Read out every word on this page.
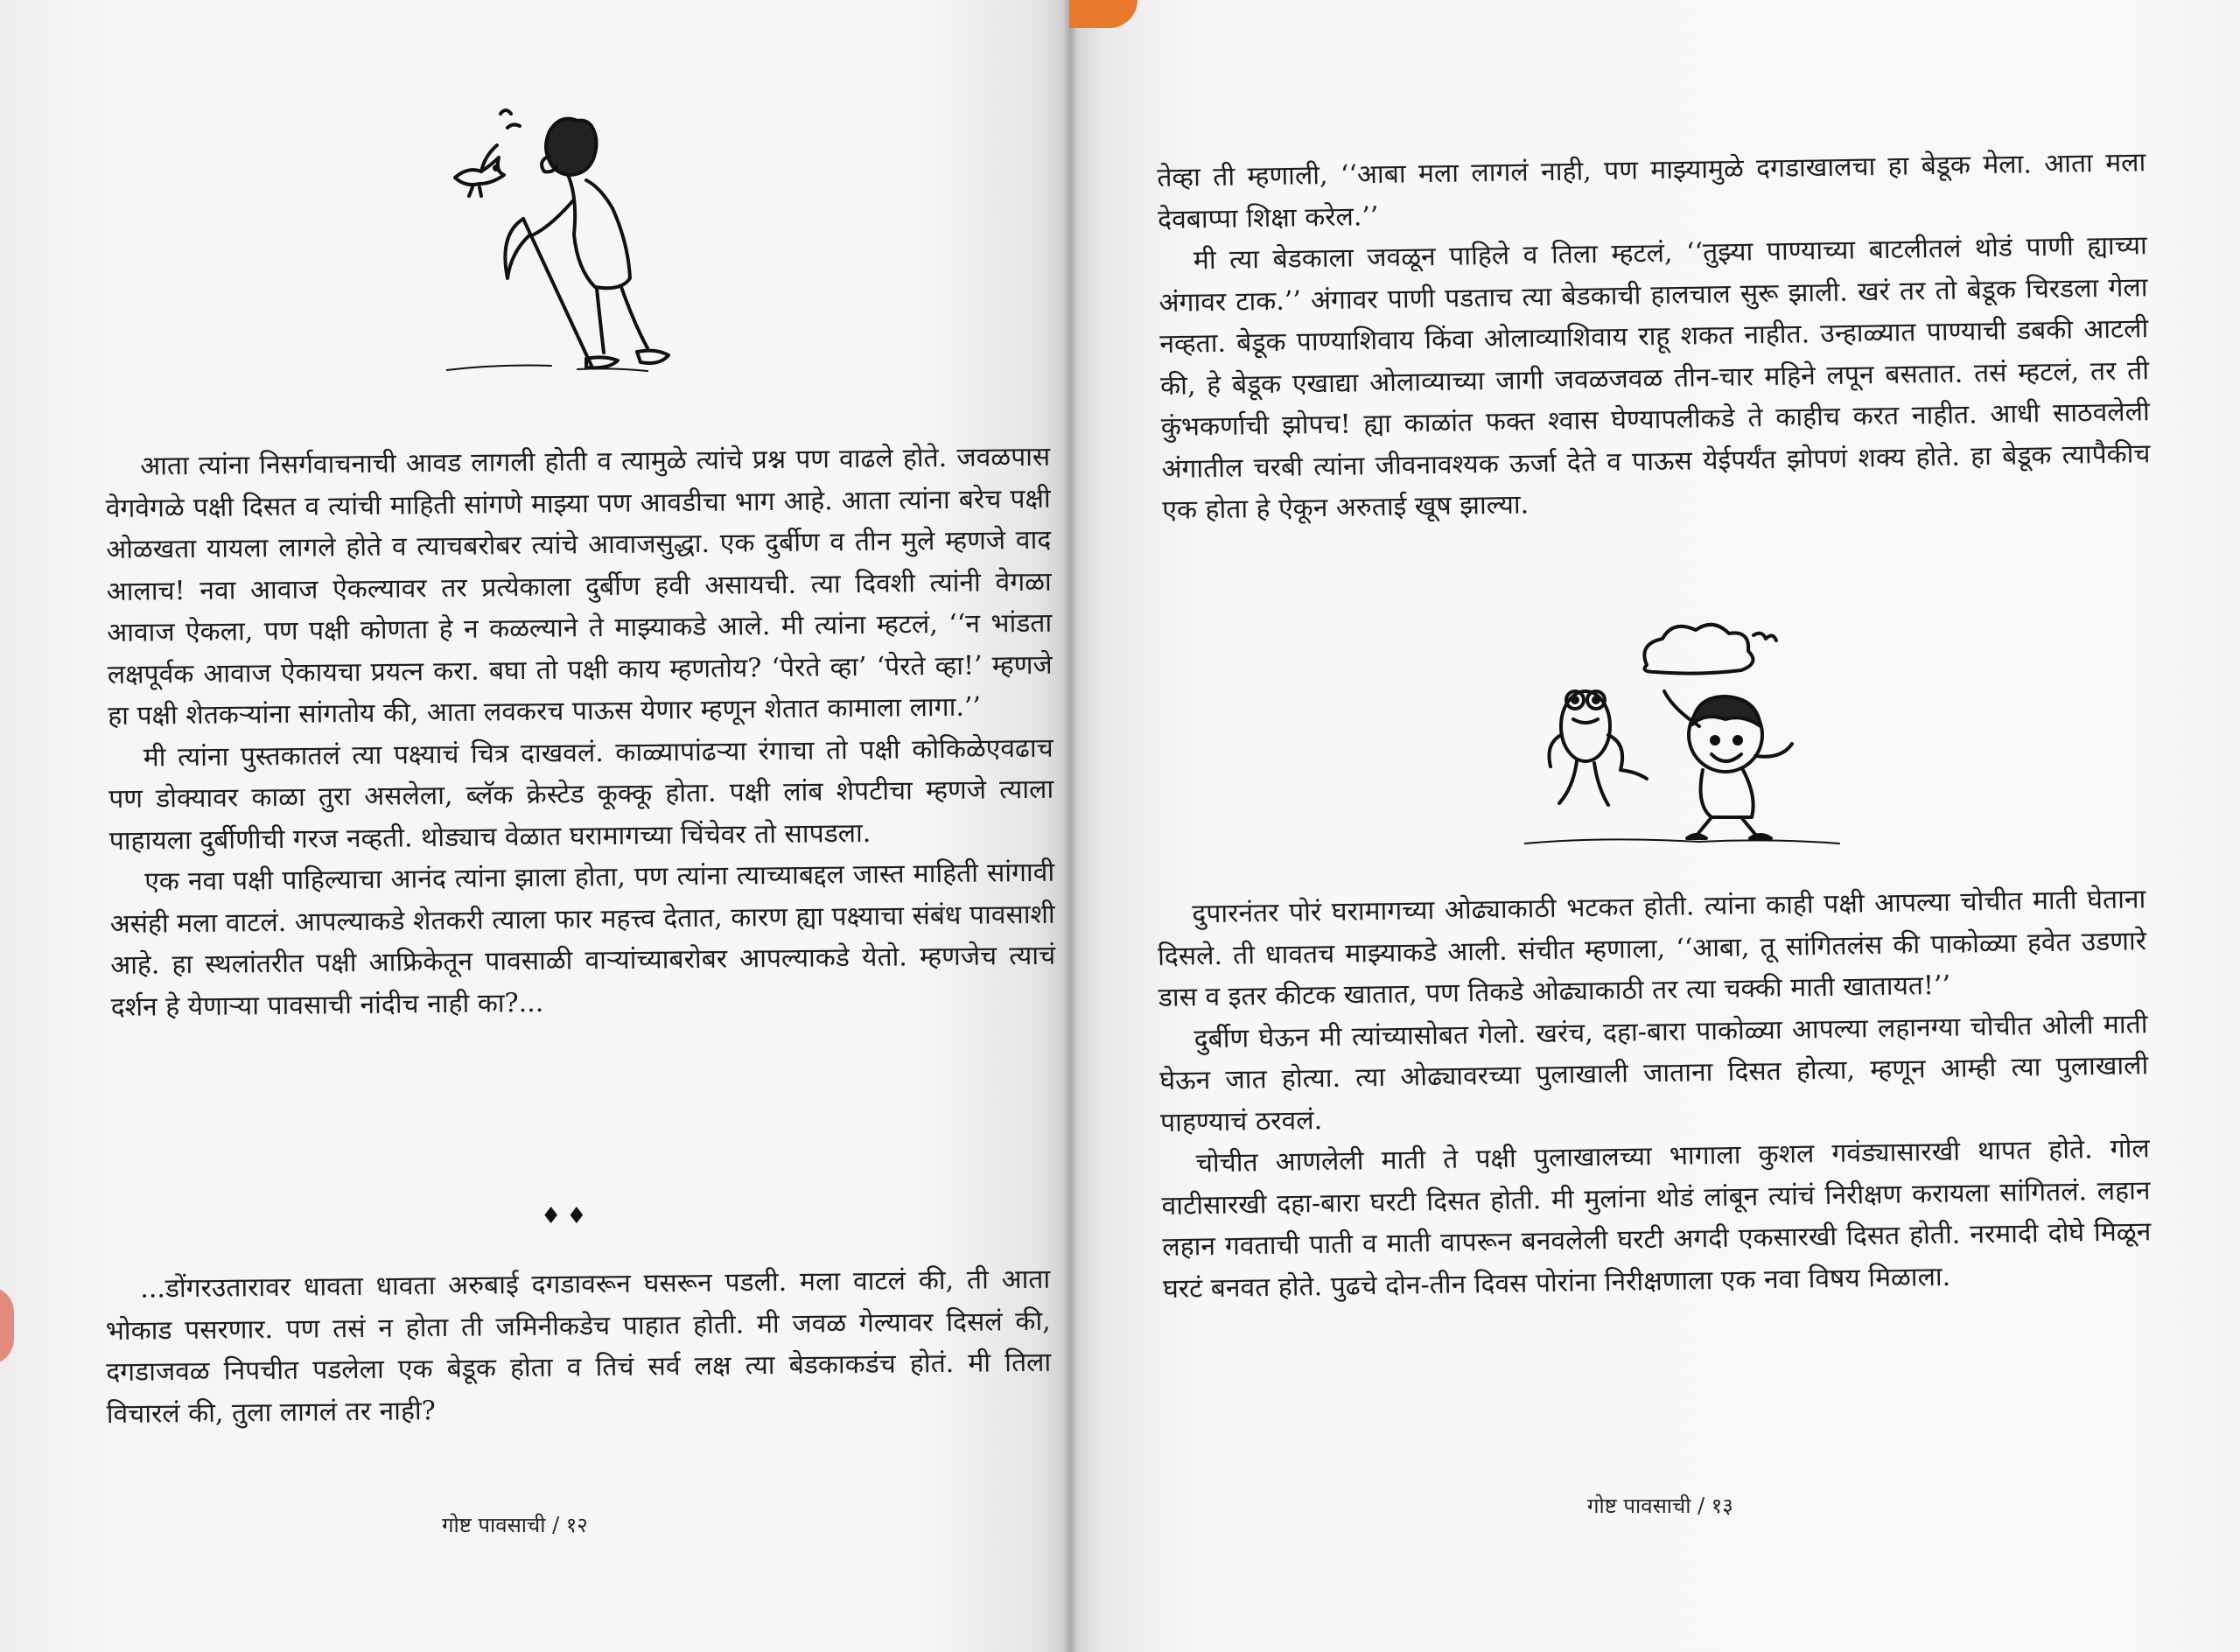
आता त्यांना निसर्गवाचनाची आवड लागली होती व त्यामुळे त्यांचे प्रश्न पण वाढले होते. जवळपास वेगवेगळे पक्षी दिसत व त्यांची माहिती सांगणे माझ्या पण आवडीचा भाग आहे. आता त्यांना बरेच पक्षी ओळखता यायला लागले होते व त्याचबरोबर त्यांचे आवाजसुद्धा. एक दुर्बीण व तीन मुले म्हणजे वाद आलाच! नवा आवाज ऐकल्यावर तर प्रत्येकाला दुर्बीण हवी असायची. त्या दिवशी त्यांनी वेगळा आवाज ऐकला, पण पक्षी कोणता हे न कळल्याने ते माझ्याकडे आले. मी त्यांना म्हटलं, ‘‘न भांडता लक्षपूर्वक आवाज ऐकायचा प्रयत्न करा. बघा तो पक्षी काय म्हणतोय? ‘पेरते व्हा’ ‘पेरते व्हा!’ म्हणजे हा पक्षी शेतकऱ्यांना सांगतोय की, आता लवकरच पाऊस येणार म्हणून शेतात कामाला लागा.’’

मी त्यांना पुस्तकातलं त्या पक्ष्याचं चित्र दाखवलं. काळ्यापांढऱ्या रंगाचा तो पक्षी कोकिळेएवढाच पण डोक्यावर काळा तुरा असलेला, ब्लॅक क्रेस्टेड कूक्कू होता. पक्षी लांब शेपटीचा म्हणजे त्याला पाहायला दुर्बीणीची गरज नव्हती. थोड्याच वेळात घरामागच्या चिंचेवर तो सापडला.

एक नवा पक्षी पाहिल्याचा आनंद त्यांना झाला होता, पण त्यांना त्याच्याबद्दल जास्त माहिती सांगावी असंही मला वाटलं. आपल्याकडे शेतकरी त्याला फार महत्त्व देतात, कारण ह्या पक्ष्याचा संबंध पावसाशी आहे. हा स्थलांतरीत पक्षी आफ्रिकेतून पावसाळी वाऱ्यांच्याबरोबर आपल्याकडे येतो. म्हणजेच त्याचं दर्शन हे येणाऱ्या पावसाची नांदीच नाही का?...

♦♦

...डोंगरउतारावर धावता धावता अरुबाई दगडावरून घसरून पडली. मला वाटलं की, ती आता भोकाड पसरणार. पण तसं न होता ती जमिनीकडेच पाहात होती. मी जवळ गेल्यावर दिसलं की, दगडाजवळ निपचीत पडलेला एक बेडूक होता व तिचं सर्व लक्ष त्या बेडकाकडंच होतं. मी तिला विचारलं की, तुला लागलं तर नाही?

गोष्ट पावसाची / १२

तेव्हा ती म्हणाली, ‘‘आबा मला लागलं नाही, पण माझ्यामुळे दगडाखालचा हा बेडूक मेला. आता मला देवबाप्पा शिक्षा करेल.’’

मी त्या बेडकाला जवळून पाहिले व तिला म्हटलं, ‘‘तुझ्या पाण्याच्या बाटलीतलं थोडं पाणी ह्याच्या अंगावर टाक.’’ अंगावर पाणी पडताच त्या बेडकाची हालचाल सुरू झाली. खरं तर तो बेडूक चिरडला गेला नव्हता. बेडूक पाण्याशिवाय किंवा ओलाव्याशिवाय राहू शकत नाहीत. उन्हाळ्यात पाण्याची डबकी आटली की, हे बेडूक एखाद्या ओलाव्याच्या जागी जवळजवळ तीन-चार महिने लपून बसतात. तसं म्हटलं, तर ती कुंभकर्णाची झोपच! ह्या काळांत फक्त श्वास घेण्यापलीकडे ते काहीच करत नाहीत. आधी साठवलेली अंगातील चरबी त्यांना जीवनावश्यक ऊर्जा देते व पाऊस येईपर्यंत झोपणं शक्य होते. हा बेडूक त्यापैकीच एक होता हे ऐकून अरुताई खूष झाल्या.

दुपारनंतर पोरं घरामागच्या ओढ्याकाठी भटकत होती. त्यांना काही पक्षी आपल्या चोचीत माती घेताना दिसले. ती धावतच माझ्याकडे आली. संचीत म्हणाला, ‘‘आबा, तू सांगितलंस की पाकोळ्या हवेत उडणारे डास व इतर कीटक खातात, पण तिकडे ओढ्याकाठी तर त्या चक्की माती खातायत!’’

दुर्बीण घेऊन मी त्यांच्यासोबत गेलो. खरंच, दहा-बारा पाकोळ्या आपल्या लहानग्या चोचीत ओली माती घेऊन जात होत्या. त्या ओढ्यावरच्या पुलाखाली जाताना दिसत होत्या, म्हणून आम्ही त्या पुलाखाली पाहण्याचं ठरवलं.

चोचीत आणलेली माती ते पक्षी पुलाखालच्या भागाला कुशल गवंड्यासारखी थापत होते. गोल वाटीसारखी दहा-बारा घरटी दिसत होती. मी मुलांना थोडं लांबून त्यांचं निरीक्षण करायला सांगितलं. लहान लहान गवताची पाती व माती वापरून बनवलेली घरटी अगदी एकसारखी दिसत होती. नरमादी दोघे मिळून घरटं बनवत होते. पुढचे दोन-तीन दिवस पोरांना निरीक्षणाला एक नवा विषय मिळाला.

गोष्ट पावसाची / १३
